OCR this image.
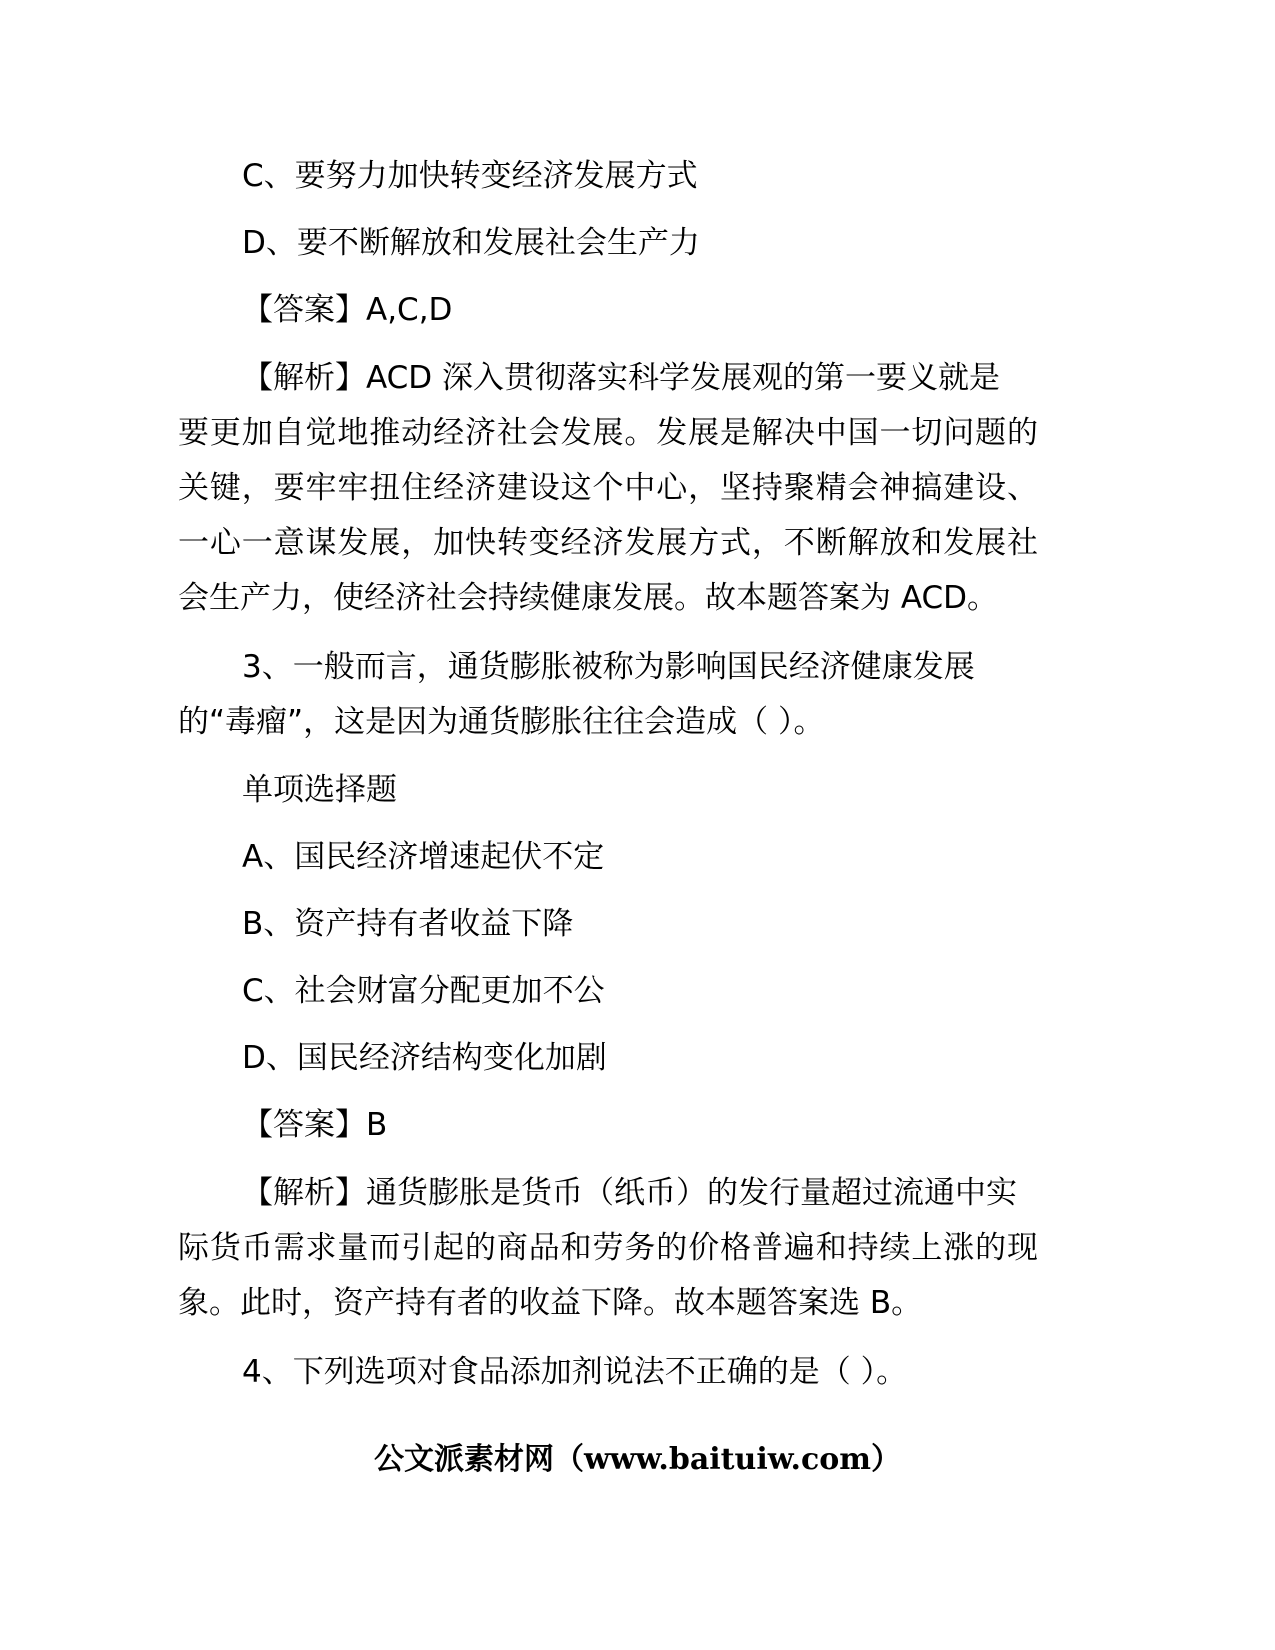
C、要努力加快转变经济发展方式
D、要不断解放和发展社会生产力
【答案】A,C,D
【解析】ACD 深入贯彻落实科学发展观的第一要义就是
要更加自觉地推动经济社会发展。发展是解决中国一切问题的
关键，要牢牢扭住经济建设这个中心，坚持聚精会神搞建设、
一心一意谋发展，加快转变经济发展方式，不断解放和发展社
会生产力，使经济社会持续健康发展。故本题答案为 ACD。
3、一般而言，通货膨胀被称为影响国民经济健康发展
的“毒瘤”，这是因为通货膨胀往往会造成（ ）。
单项选择题
A、国民经济增速起伏不定
B、资产持有者收益下降
C、社会财富分配更加不公
D、国民经济结构变化加剧
【答案】B
【解析】通货膨胀是货币（纸币）的发行量超过流通中实
际货币需求量而引起的商品和劳务的价格普遍和持续上涨的现
象。此时，资产持有者的收益下降。故本题答案选 B。
4、下列选项对食品添加剂说法不正确的是（ ）。
公文派素材网（www.baituiw.com）
